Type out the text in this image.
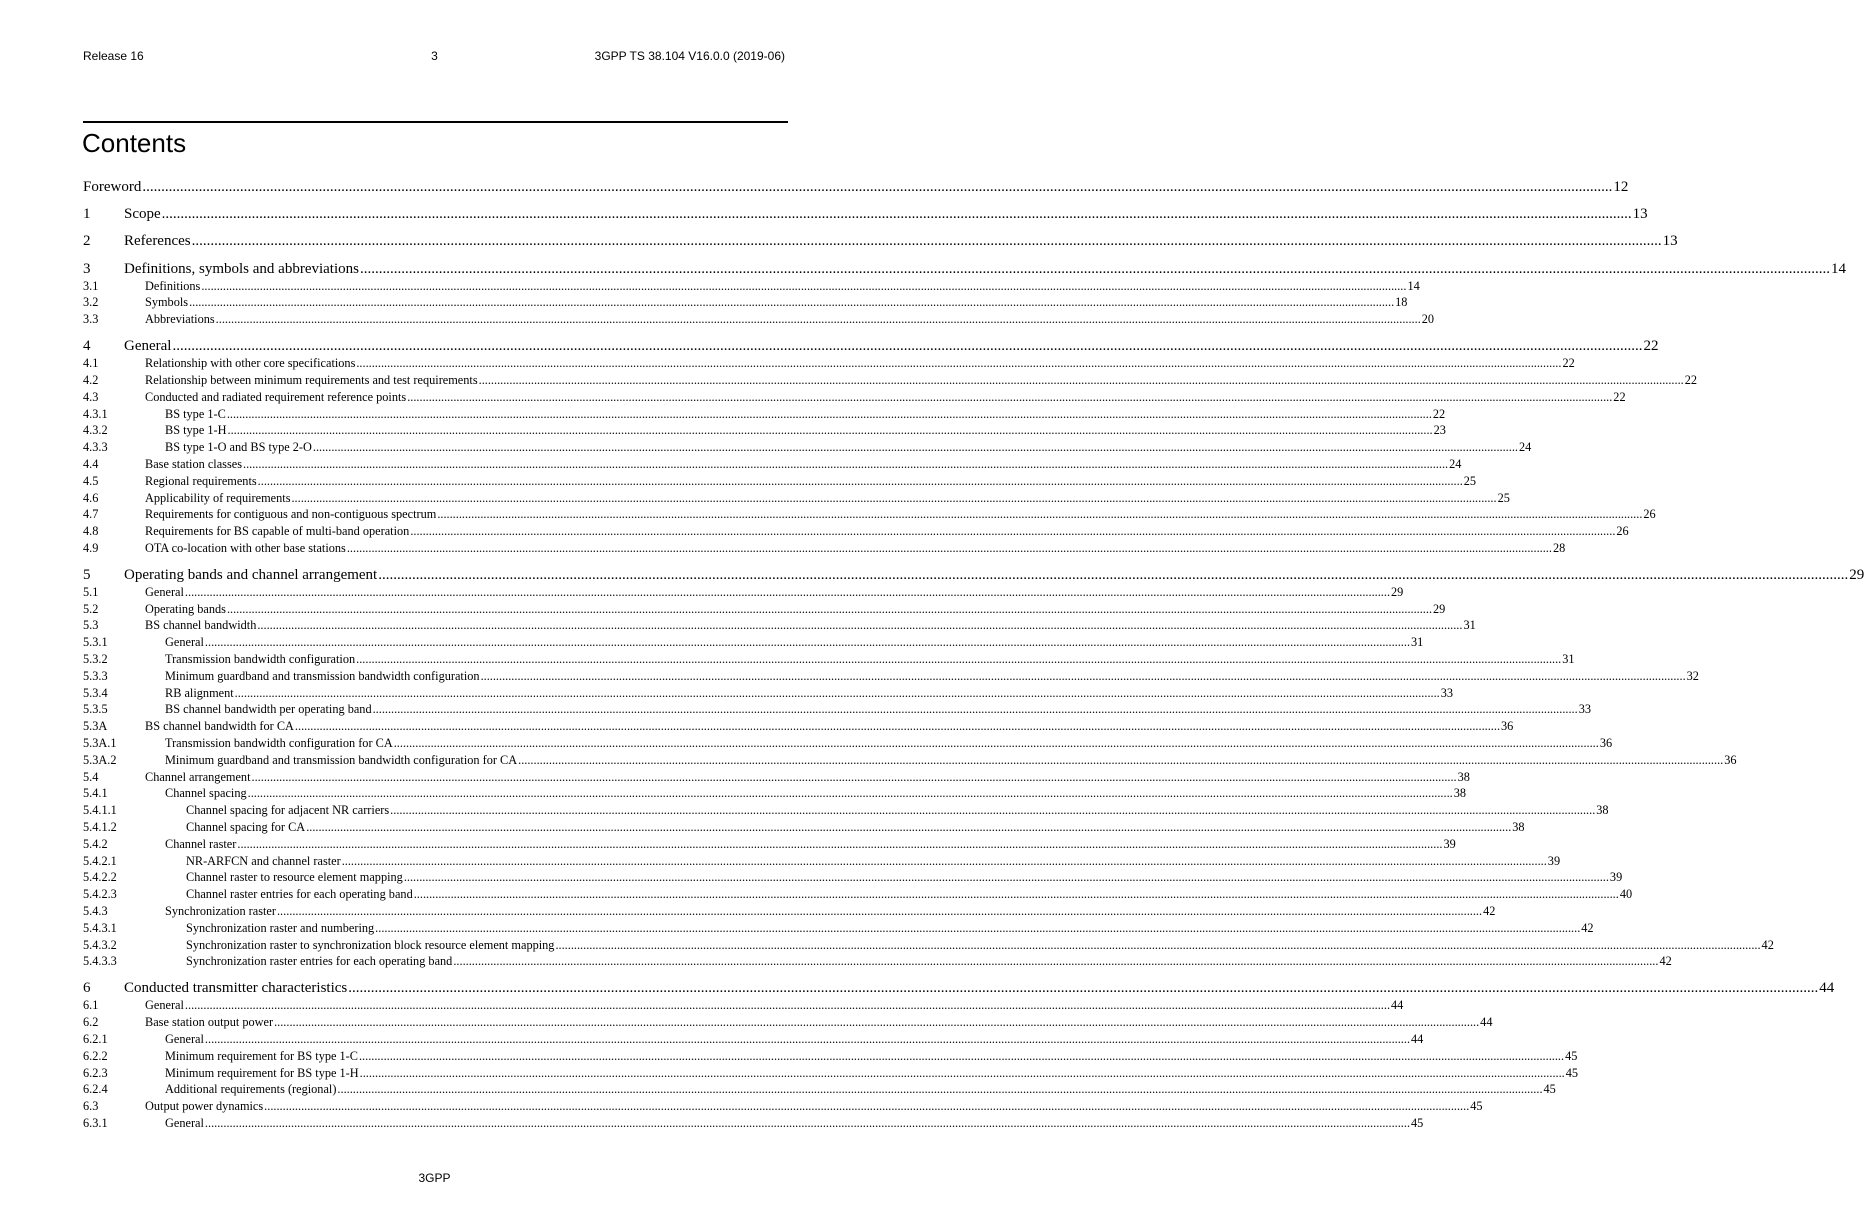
Release 16	3	3GPP TS 38.104 V16.0.0 (2019-06)
Contents
Foreword .....	12
1 Scope .....	13
2 References .....	13
3 Definitions, symbols and abbreviations .....	14
3.1	Definitions .....	14
3.2	Symbols .....	18
3.3	Abbreviations .....	20
4 General .....	22
4.1	Relationship with other core specifications .....	22
4.2	Relationship between minimum requirements and test requirements .....	22
4.3	Conducted and radiated requirement reference points .....	22
4.3.1	BS type 1-C .....	22
4.3.2	BS type 1-H .....	23
4.3.3	BS type 1-O and BS type 2-O .....	24
4.4	Base station classes .....	24
4.5	Regional requirements .....	25
4.6	Applicability of requirements .....	25
4.7	Requirements for contiguous and non-contiguous spectrum .....	26
4.8	Requirements for BS capable of multi-band operation .....	26
4.9	OTA co-location with other base stations .....	28
5 Operating bands and channel arrangement .....	29
5.1	General .....	29
5.2	Operating bands .....	29
5.3	BS channel bandwidth .....	31
5.3.1	General .....	31
5.3.2	Transmission bandwidth configuration .....	31
5.3.3	Minimum guardband and transmission bandwidth configuration .....	32
5.3.4	RB alignment .....	33
5.3.5	BS channel bandwidth per operating band .....	33
5.3A	BS channel bandwidth for CA .....	36
5.3A.1	Transmission bandwidth configuration for CA .....	36
5.3A.2	Minimum guardband and transmission bandwidth configuration for CA .....	36
5.4	Channel arrangement .....	38
5.4.1	Channel spacing .....	38
5.4.1.1	Channel spacing for adjacent NR carriers .....	38
5.4.1.2	Channel spacing for CA .....	38
5.4.2	Channel raster .....	39
5.4.2.1	NR-ARFCN and channel raster .....	39
5.4.2.2	Channel raster to resource element mapping .....	39
5.4.2.3	Channel raster entries for each operating band .....	40
5.4.3	Synchronization raster .....	42
5.4.3.1	Synchronization raster and numbering .....	42
5.4.3.2	Synchronization raster to synchronization block resource element mapping .....	42
5.4.3.3	Synchronization raster entries for each operating band .....	42
6 Conducted transmitter characteristics .....	44
6.1	General .....	44
6.2	Base station output power .....	44
6.2.1	General .....	44
6.2.2	Minimum requirement for BS type 1-C .....	45
6.2.3	Minimum requirement for BS type 1-H .....	45
6.2.4	Additional requirements (regional) .....	45
6.3	Output power dynamics .....	45
6.3.1	General .....	45
3GPP
